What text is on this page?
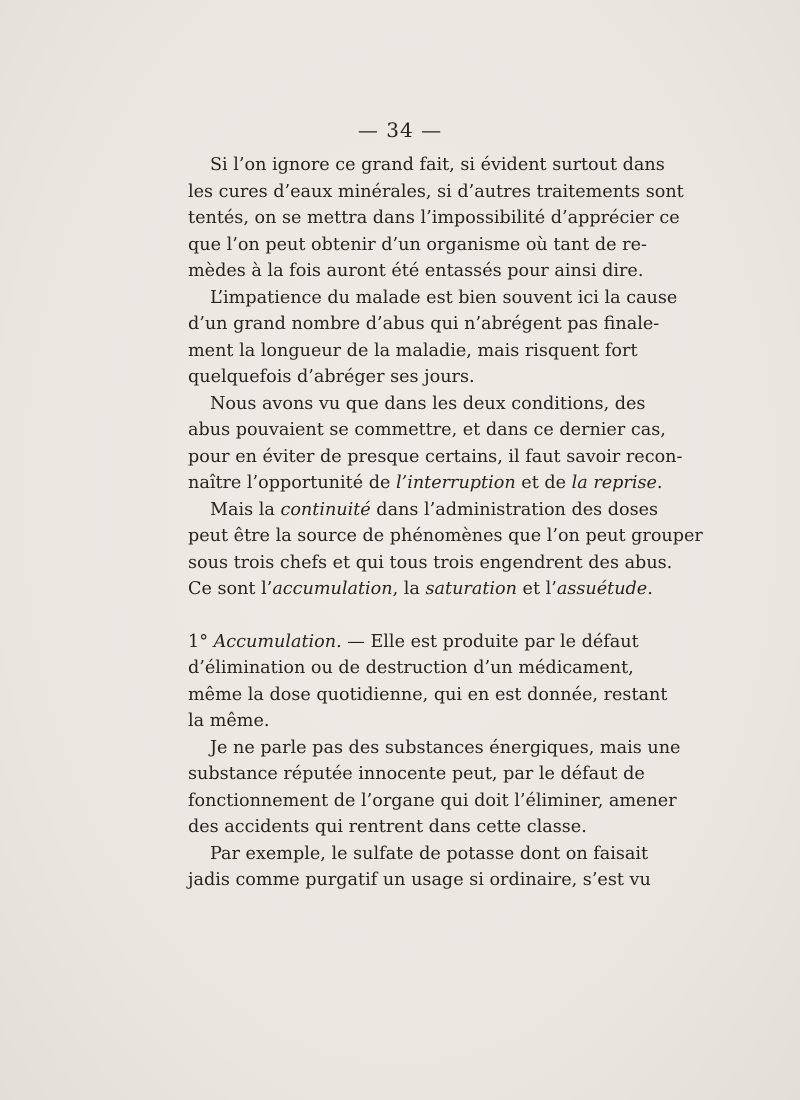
— 34 —
Si l’on ignore ce grand fait, si évident surtout dans
les cures d’eaux minérales, si d’autres traitements sont
tentés, on se mettra dans l’impossibilité d’apprécier ce
que l’on peut obtenir d’un organisme où tant de re-
mèdes à la fois auront été entassés pour ainsi dire.
L’impatience du malade est bien souvent ici la cause
d’un grand nombre d’abus qui n’abrégent pas finale-
ment la longueur de la maladie, mais risquent fort
quelquefois d’abréger ses jours.
Nous avons vu que dans les deux conditions, des
abus pouvaient se commettre, et dans ce dernier cas,
pour en éviter de presque certains, il faut savoir recon-
naître l’opportunité de l’interruption et de la reprise.
Mais la continuité dans l’administration des doses
peut être la source de phénomènes que l’on peut grouper
sous trois chefs et qui tous trois engendrent des abus.
Ce sont l’accumulation, la saturation et l’assuétude.
1° Accumulation. — Elle est produite par le défaut
d’élimination ou de destruction d’un médicament,
même la dose quotidienne, qui en est donnée, restant
la même.
Je ne parle pas des substances énergiques, mais une
substance réputée innocente peut, par le défaut de
fonctionnement de l’organe qui doit l’éliminer, amener
des accidents qui rentrent dans cette classe.
Par exemple, le sulfate de potasse dont on faisait
jadis comme purgatif un usage si ordinaire, s’est vu
